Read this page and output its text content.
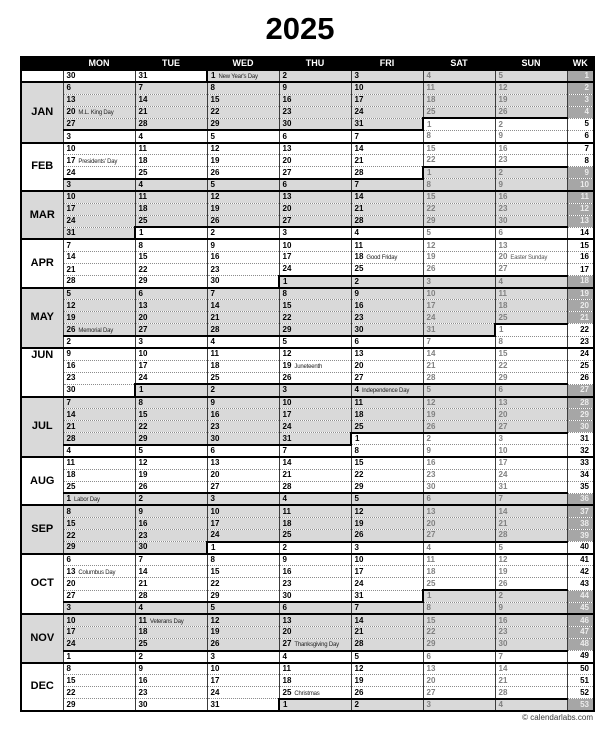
2025
	MON	TUE	WED	THU	FRI	SAT	SUN	WK
	30	31	1 New Year's Day	2	3	4	5	1
JAN	6	7	8	9	10	11	12	2
	13	14	15	16	17	18	19	3
	20 M.L. King Day	21	22	23	24	25	26	4
	27	28	29	30	31	1	2	5
	3	4	5	6	7	8	9	6
FEB	10	11	12	13	14	15	16	7
	17 Presidents' Day	18	19	20	21	22	23	8
	24	25	26	27	28	1	2	9
	3	4	5	6	7	8	9	10
MAR	10	11	12	13	14	15	16	11
	17	18	19	20	21	22	23	12
	24	25	26	27	28	29	30	13
	31	1	2	3	4	5	6	14
APR	7	8	9	10	11	12	13	15
	14	15	16	17	18 Good Friday	19	20 Easter Sunday	16
	21	22	23	24	25	26	27	17
	28	29	30	1	2	3	4	18
MAY	5	6	7	8	9	10	11	19
	12	13	14	15	16	17	18	20
	19	20	21	22	23	24	25	21
	26 Memorial Day	27	28	29	30	31	1	22
	2	3	4	5	6	7	8	23
JUN	9	10	11	12	13	14	15	24
	16	17	18	19 Juneteenth	20	21	22	25
	23	24	25	26	27	28	29	26
	30	1	2	3	4 Independence Day	5	6	27
JUL	7	8	9	10	11	12	13	28
	14	15	16	17	18	19	20	29
	21	22	23	24	25	26	27	30
	28	29	30	31	1	2	3	31
	4	5	6	7	8	9	10	32
AUG	11	12	13	14	15	16	17	33
	18	19	20	21	22	23	24	34
	25	26	27	28	29	30	31	35
	1 Labor Day	2	3	4	5	6	7	36
SEP	8	9	10	11	12	13	14	37
	15	16	17	18	19	20	21	38
	22	23	24	25	26	27	28	39
	29	30	1	2	3	4	5	40
OCT	6	7	8	9	10	11	12	41
	13 Columbus Day	14	15	16	17	18	19	42
	20	21	22	23	24	25	26	43
	27	28	29	30	31	1	2	44
	3	4	5	6	7	8	9	45
NOV	10	11 Veterans Day	12	13	14	15	16	46
	17	18	19	20	21	22	23	47
	24	25	26	27 Thanksgiving Day	28	29	30	48
	1	2	3	4	5	6	7	49
DEC	8	9	10	11	12	13	14	50
	15	16	17	18	19	20	21	51
	22	23	24	25 Christmas	26	27	28	52
	29	30	31	1	2	3	4	53
© calendarlabs.com
